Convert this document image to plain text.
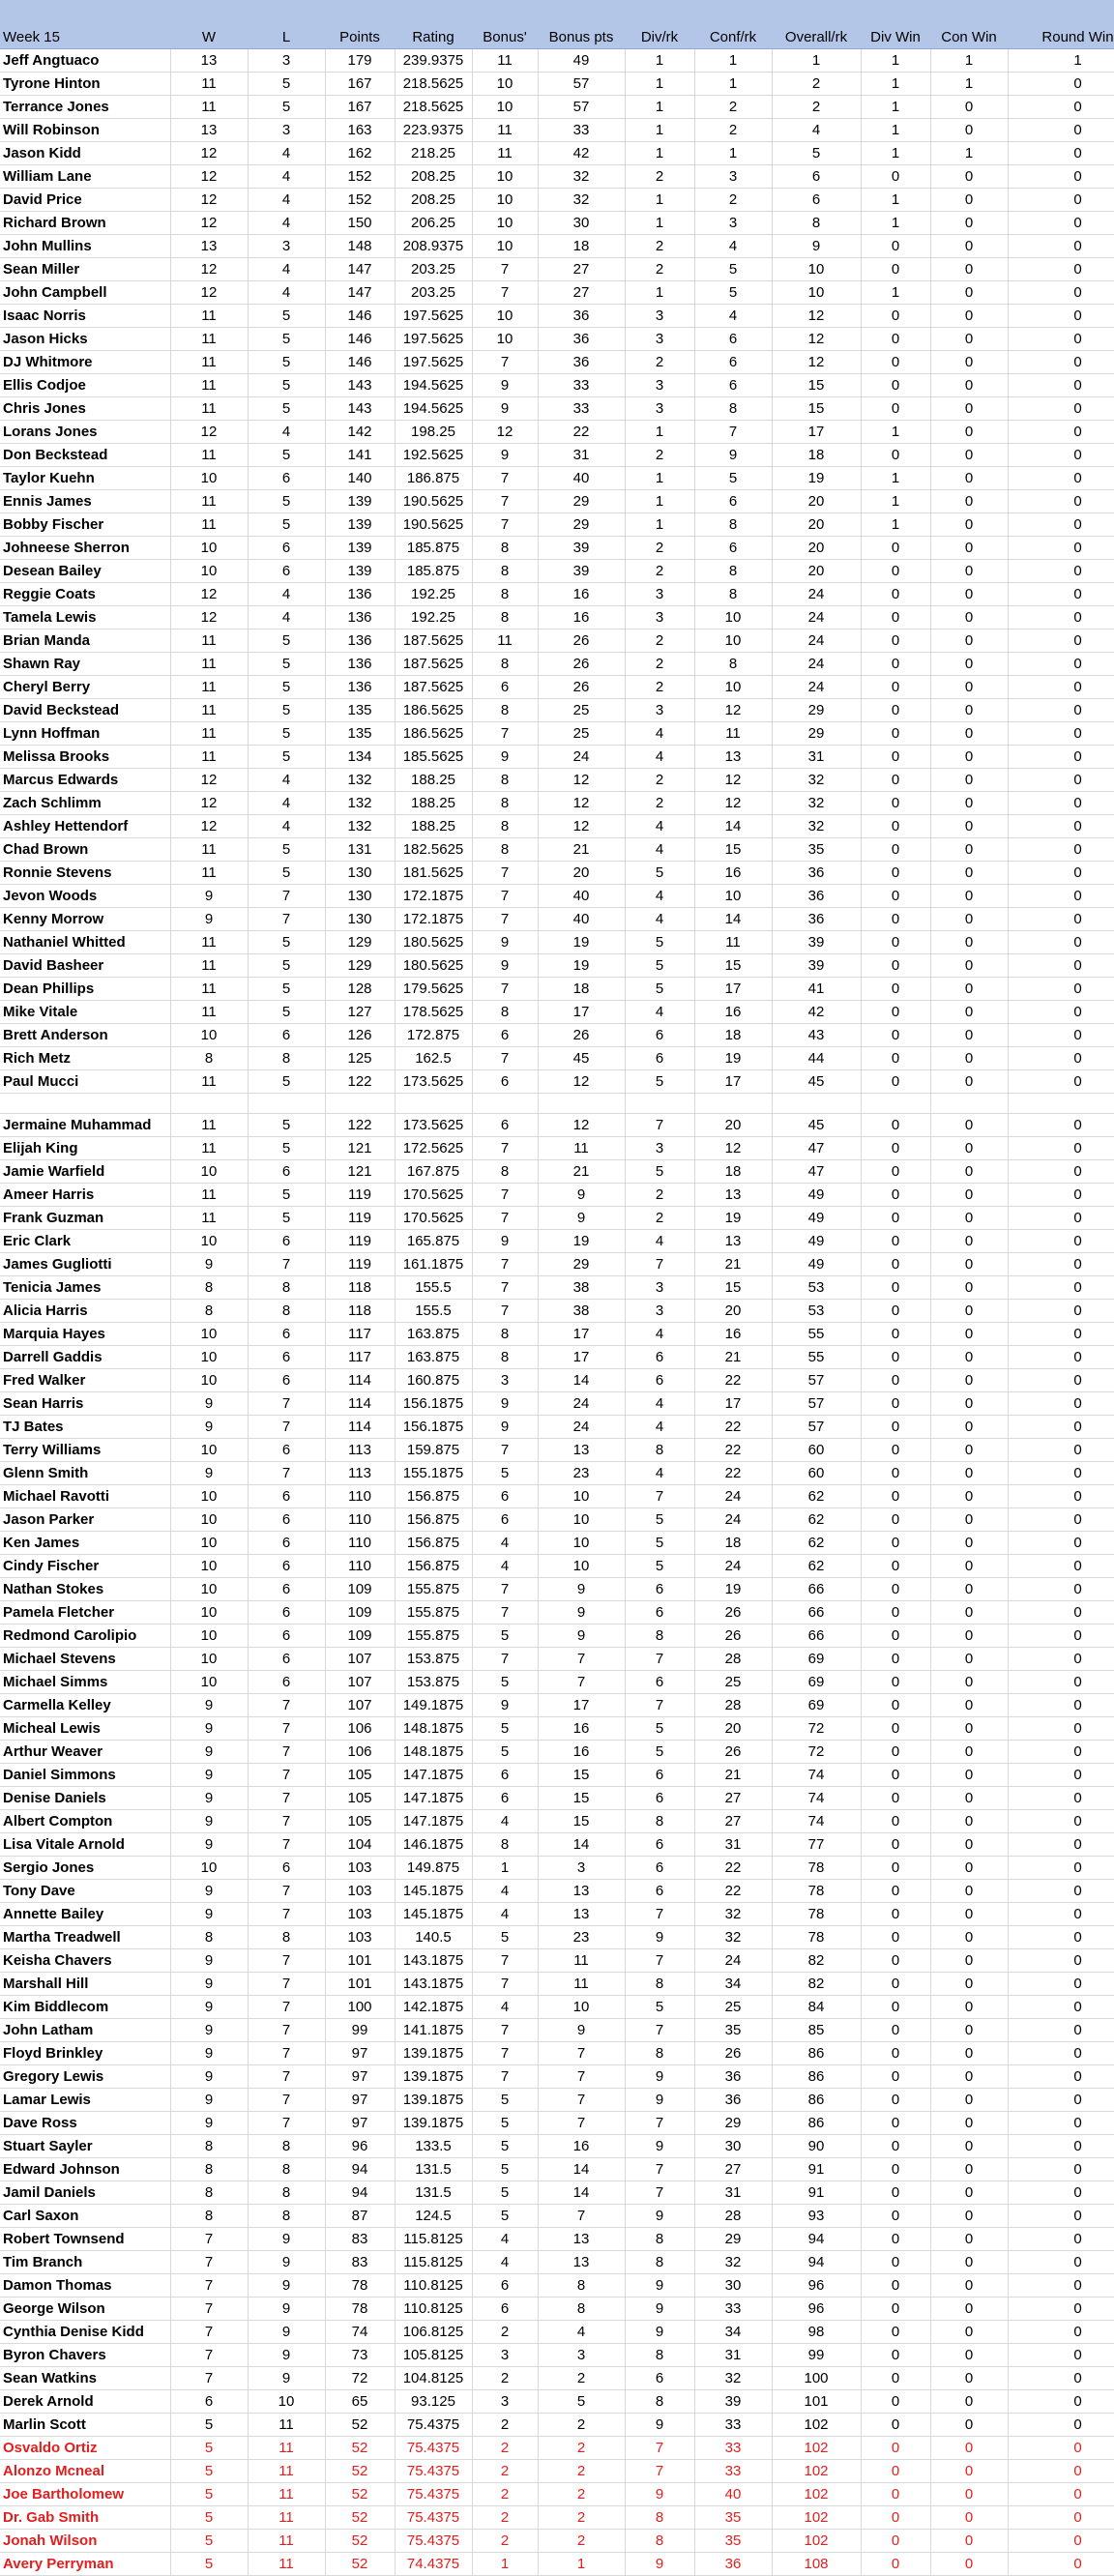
Week 15	W	L	Points	Rating	Bonus'	Bonus pts	Div/rk	Conf/rk	Overall/rk	Div Win	Con Win	Round Win
Jeff Angtuaco	13	3	179	239.9375	11	49	1	1	1	1	1	1
Tyrone Hinton	11	5	167	218.5625	10	57	1	1	2	1	1	0
Terrance Jones	11	5	167	218.5625	10	57	1	2	2	1	0	0
Will Robinson	13	3	163	223.9375	11	33	1	2	4	1	0	0
Jason Kidd	12	4	162	218.25	11	42	1	1	5	1	1	0
William Lane	12	4	152	208.25	10	32	2	3	6	0	0	0
David Price	12	4	152	208.25	10	32	1	2	6	1	0	0
Richard Brown	12	4	150	206.25	10	30	1	3	8	1	0	0
John Mullins	13	3	148	208.9375	10	18	2	4	9	0	0	0
Sean Miller	12	4	147	203.25	7	27	2	5	10	0	0	0
John Campbell	12	4	147	203.25	7	27	1	5	10	1	0	0
Isaac Norris	11	5	146	197.5625	10	36	3	4	12	0	0	0
Jason Hicks	11	5	146	197.5625	10	36	3	6	12	0	0	0
DJ Whitmore	11	5	146	197.5625	7	36	2	6	12	0	0	0
Ellis Codjoe	11	5	143	194.5625	9	33	3	6	15	0	0	0
Chris Jones	11	5	143	194.5625	9	33	3	8	15	0	0	0
Lorans Jones	12	4	142	198.25	12	22	1	7	17	1	0	0
Don Beckstead	11	5	141	192.5625	9	31	2	9	18	0	0	0
Taylor Kuehn	10	6	140	186.875	7	40	1	5	19	1	0	0
Ennis James	11	5	139	190.5625	7	29	1	6	20	1	0	0
Bobby Fischer	11	5	139	190.5625	7	29	1	8	20	1	0	0
Johneese Sherron	10	6	139	185.875	8	39	2	6	20	0	0	0
Desean Bailey	10	6	139	185.875	8	39	2	8	20	0	0	0
Reggie Coats	12	4	136	192.25	8	16	3	8	24	0	0	0
Tamela Lewis	12	4	136	192.25	8	16	3	10	24	0	0	0
Brian Manda	11	5	136	187.5625	11	26	2	10	24	0	0	0
Shawn Ray	11	5	136	187.5625	8	26	2	8	24	0	0	0
Cheryl Berry	11	5	136	187.5625	6	26	2	10	24	0	0	0
David Beckstead	11	5	135	186.5625	8	25	3	12	29	0	0	0
Lynn Hoffman	11	5	135	186.5625	7	25	4	11	29	0	0	0
Melissa Brooks	11	5	134	185.5625	9	24	4	13	31	0	0	0
Marcus Edwards	12	4	132	188.25	8	12	2	12	32	0	0	0
Zach Schlimm	12	4	132	188.25	8	12	2	12	32	0	0	0
Ashley Hettendorf	12	4	132	188.25	8	12	4	14	32	0	0	0
Chad Brown	11	5	131	182.5625	8	21	4	15	35	0	0	0
Ronnie Stevens	11	5	130	181.5625	7	20	5	16	36	0	0	0
Jevon Woods	9	7	130	172.1875	7	40	4	10	36	0	0	0
Kenny Morrow	9	7	130	172.1875	7	40	4	14	36	0	0	0
Nathaniel Whitted	11	5	129	180.5625	9	19	5	11	39	0	0	0
David Basheer	11	5	129	180.5625	9	19	5	15	39	0	0	0
Dean Phillips	11	5	128	179.5625	7	18	5	17	41	0	0	0
Mike Vitale	11	5	127	178.5625	8	17	4	16	42	0	0	0
Brett Anderson	10	6	126	172.875	6	26	6	18	43	0	0	0
Rich Metz	8	8	125	162.5	7	45	6	19	44	0	0	0
Paul Mucci	11	5	122	173.5625	6	12	5	17	45	0	0	0

Jermaine Muhammad	11	5	122	173.5625	6	12	7	20	45	0	0	0
Elijah King	11	5	121	172.5625	7	11	3	12	47	0	0	0
Jamie Warfield	10	6	121	167.875	8	21	5	18	47	0	0	0
Ameer Harris	11	5	119	170.5625	7	9	2	13	49	0	0	0
Frank Guzman	11	5	119	170.5625	7	9	2	19	49	0	0	0
Eric Clark	10	6	119	165.875	9	19	4	13	49	0	0	0
James Gugliotti	9	7	119	161.1875	7	29	7	21	49	0	0	0
Tenicia James	8	8	118	155.5	7	38	3	15	53	0	0	0
Alicia Harris	8	8	118	155.5	7	38	3	20	53	0	0	0
Marquia Hayes	10	6	117	163.875	8	17	4	16	55	0	0	0
Darrell Gaddis	10	6	117	163.875	8	17	6	21	55	0	0	0
Fred Walker	10	6	114	160.875	3	14	6	22	57	0	0	0
Sean Harris	9	7	114	156.1875	9	24	4	17	57	0	0	0
TJ Bates	9	7	114	156.1875	9	24	4	22	57	0	0	0
Terry Williams	10	6	113	159.875	7	13	8	22	60	0	0	0
Glenn Smith	9	7	113	155.1875	5	23	4	22	60	0	0	0
Michael Ravotti	10	6	110	156.875	6	10	7	24	62	0	0	0
Jason Parker	10	6	110	156.875	6	10	5	24	62	0	0	0
Ken James	10	6	110	156.875	4	10	5	18	62	0	0	0
Cindy Fischer	10	6	110	156.875	4	10	5	24	62	0	0	0
Nathan Stokes	10	6	109	155.875	7	9	6	19	66	0	0	0
Pamela Fletcher	10	6	109	155.875	7	9	6	26	66	0	0	0
Redmond Carolipio	10	6	109	155.875	5	9	8	26	66	0	0	0
Michael Stevens	10	6	107	153.875	7	7	7	28	69	0	0	0
Michael Simms	10	6	107	153.875	5	7	6	25	69	0	0	0
Carmella Kelley	9	7	107	149.1875	9	17	7	28	69	0	0	0
Micheal Lewis	9	7	106	148.1875	5	16	5	20	72	0	0	0
Arthur Weaver	9	7	106	148.1875	5	16	5	26	72	0	0	0
Daniel Simmons	9	7	105	147.1875	6	15	6	21	74	0	0	0
Denise Daniels	9	7	105	147.1875	6	15	6	27	74	0	0	0
Albert Compton	9	7	105	147.1875	4	15	8	27	74	0	0	0
Lisa Vitale Arnold	9	7	104	146.1875	8	14	6	31	77	0	0	0
Sergio Jones	10	6	103	149.875	1	3	6	22	78	0	0	0
Tony Dave	9	7	103	145.1875	4	13	6	22	78	0	0	0
Annette Bailey	9	7	103	145.1875	4	13	7	32	78	0	0	0
Martha Treadwell	8	8	103	140.5	5	23	9	32	78	0	0	0
Keisha Chavers	9	7	101	143.1875	7	11	7	24	82	0	0	0
Marshall Hill	9	7	101	143.1875	7	11	8	34	82	0	0	0
Kim Biddlecom	9	7	100	142.1875	4	10	5	25	84	0	0	0
John Latham	9	7	99	141.1875	7	9	7	35	85	0	0	0
Floyd Brinkley	9	7	97	139.1875	7	7	8	26	86	0	0	0
Gregory Lewis	9	7	97	139.1875	7	7	9	36	86	0	0	0
Lamar Lewis	9	7	97	139.1875	5	7	9	36	86	0	0	0
Dave Ross	9	7	97	139.1875	5	7	7	29	86	0	0	0
Stuart Sayler	8	8	96	133.5	5	16	9	30	90	0	0	0
Edward Johnson	8	8	94	131.5	5	14	7	27	91	0	0	0
Jamil Daniels	8	8	94	131.5	5	14	7	31	91	0	0	0
Carl Saxon	8	8	87	124.5	5	7	9	28	93	0	0	0
Robert Townsend	7	9	83	115.8125	4	13	8	29	94	0	0	0
Tim Branch	7	9	83	115.8125	4	13	8	32	94	0	0	0
Damon Thomas	7	9	78	110.8125	6	8	9	30	96	0	0	0
George Wilson	7	9	78	110.8125	6	8	9	33	96	0	0	0
Cynthia Denise Kidd	7	9	74	106.8125	2	4	9	34	98	0	0	0
Byron Chavers	7	9	73	105.8125	3	3	8	31	99	0	0	0
Sean Watkins	7	9	72	104.8125	2	2	6	32	100	0	0	0
Derek Arnold	6	10	65	93.125	3	5	8	39	101	0	0	0
Marlin Scott	5	11	52	75.4375	2	2	9	33	102	0	0	0
Osvaldo Ortiz	5	11	52	75.4375	2	2	7	33	102	0	0	0
Alonzo Mcneal	5	11	52	75.4375	2	2	7	33	102	0	0	0
Joe Bartholomew	5	11	52	75.4375	2	2	9	40	102	0	0	0
Dr. Gab Smith	5	11	52	75.4375	2	2	8	35	102	0	0	0
Jonah Wilson	5	11	52	75.4375	2	2	8	35	102	0	0	0
Avery Perryman	5	11	52	74.4375	1	1	9	36	108	0	0	0
